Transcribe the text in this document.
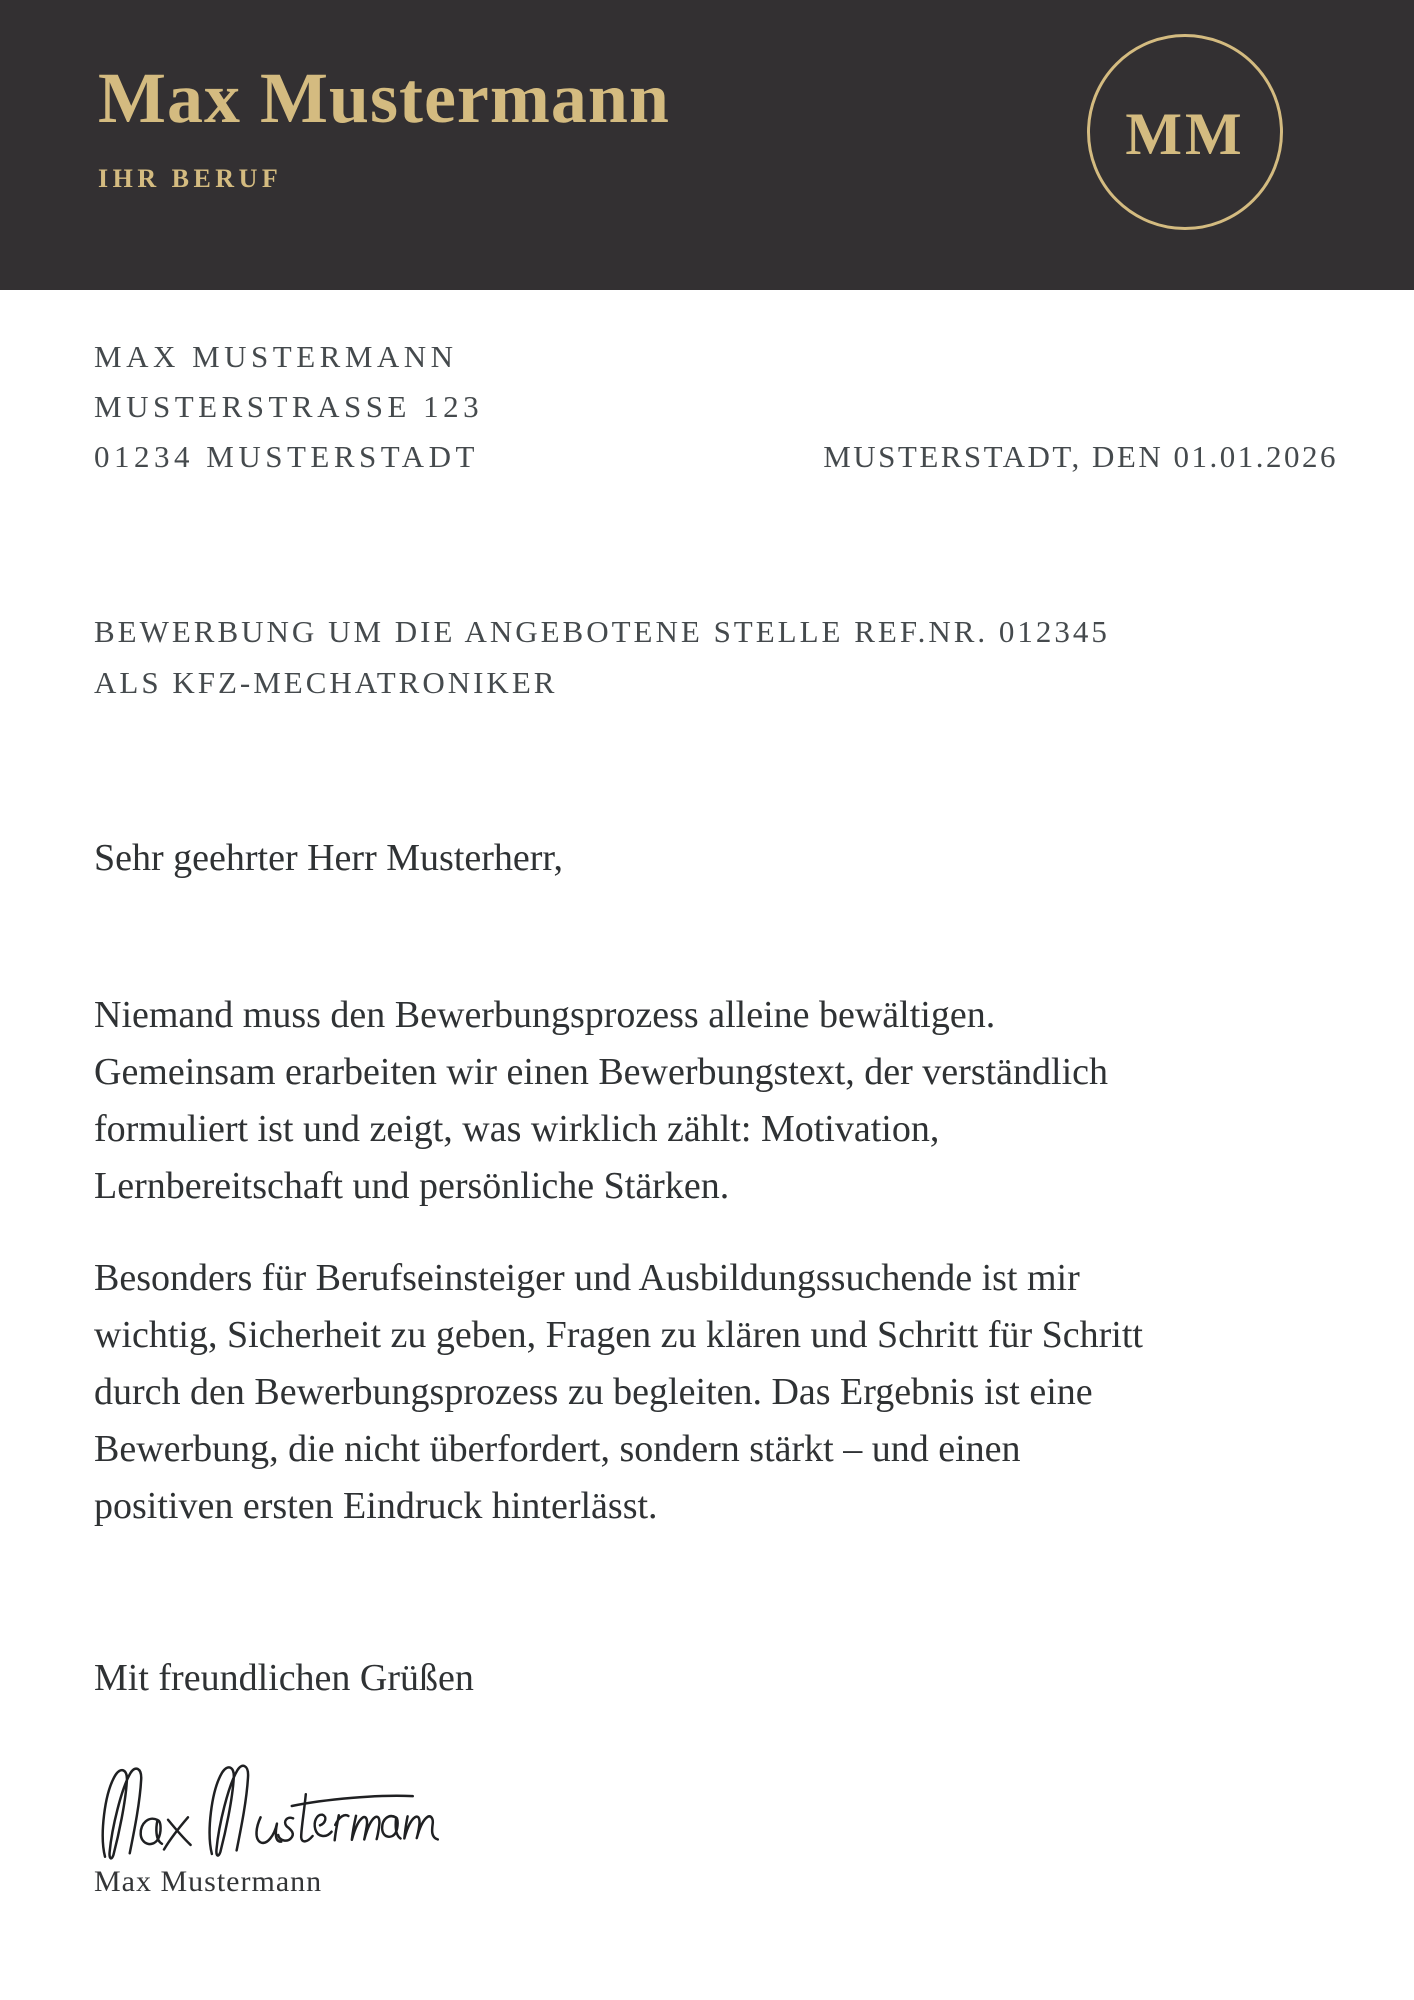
Max Mustermann
IHR BERUF
MM
MAX MUSTERMANN
MUSTERSTRASSE 123
01234 MUSTERSTADT	MUSTERSTADT, DEN 01.01.2026
BEWERBUNG UM DIE ANGEBOTENE STELLE REF.NR. 012345
ALS KFZ-MECHATRONIKER

Sehr geehrter Herr Musterherr,

Niemand muss den Bewerbungsprozess alleine bewältigen.
Gemeinsam erarbeiten wir einen Bewerbungstext, der verständlich
formuliert ist und zeigt, was wirklich zählt: Motivation,
Lernbereitschaft und persönliche Stärken.
Besonders für Berufseinsteiger und Ausbildungssuchende ist mir
wichtig, Sicherheit zu geben, Fragen zu klären und Schritt für Schritt
durch den Bewerbungsprozess zu begleiten. Das Ergebnis ist eine
Bewerbung, die nicht überfordert, sondern stärkt – und einen
positiven ersten Eindruck hinterlässt.

Mit freundlichen Grüßen

Max Mustermann
